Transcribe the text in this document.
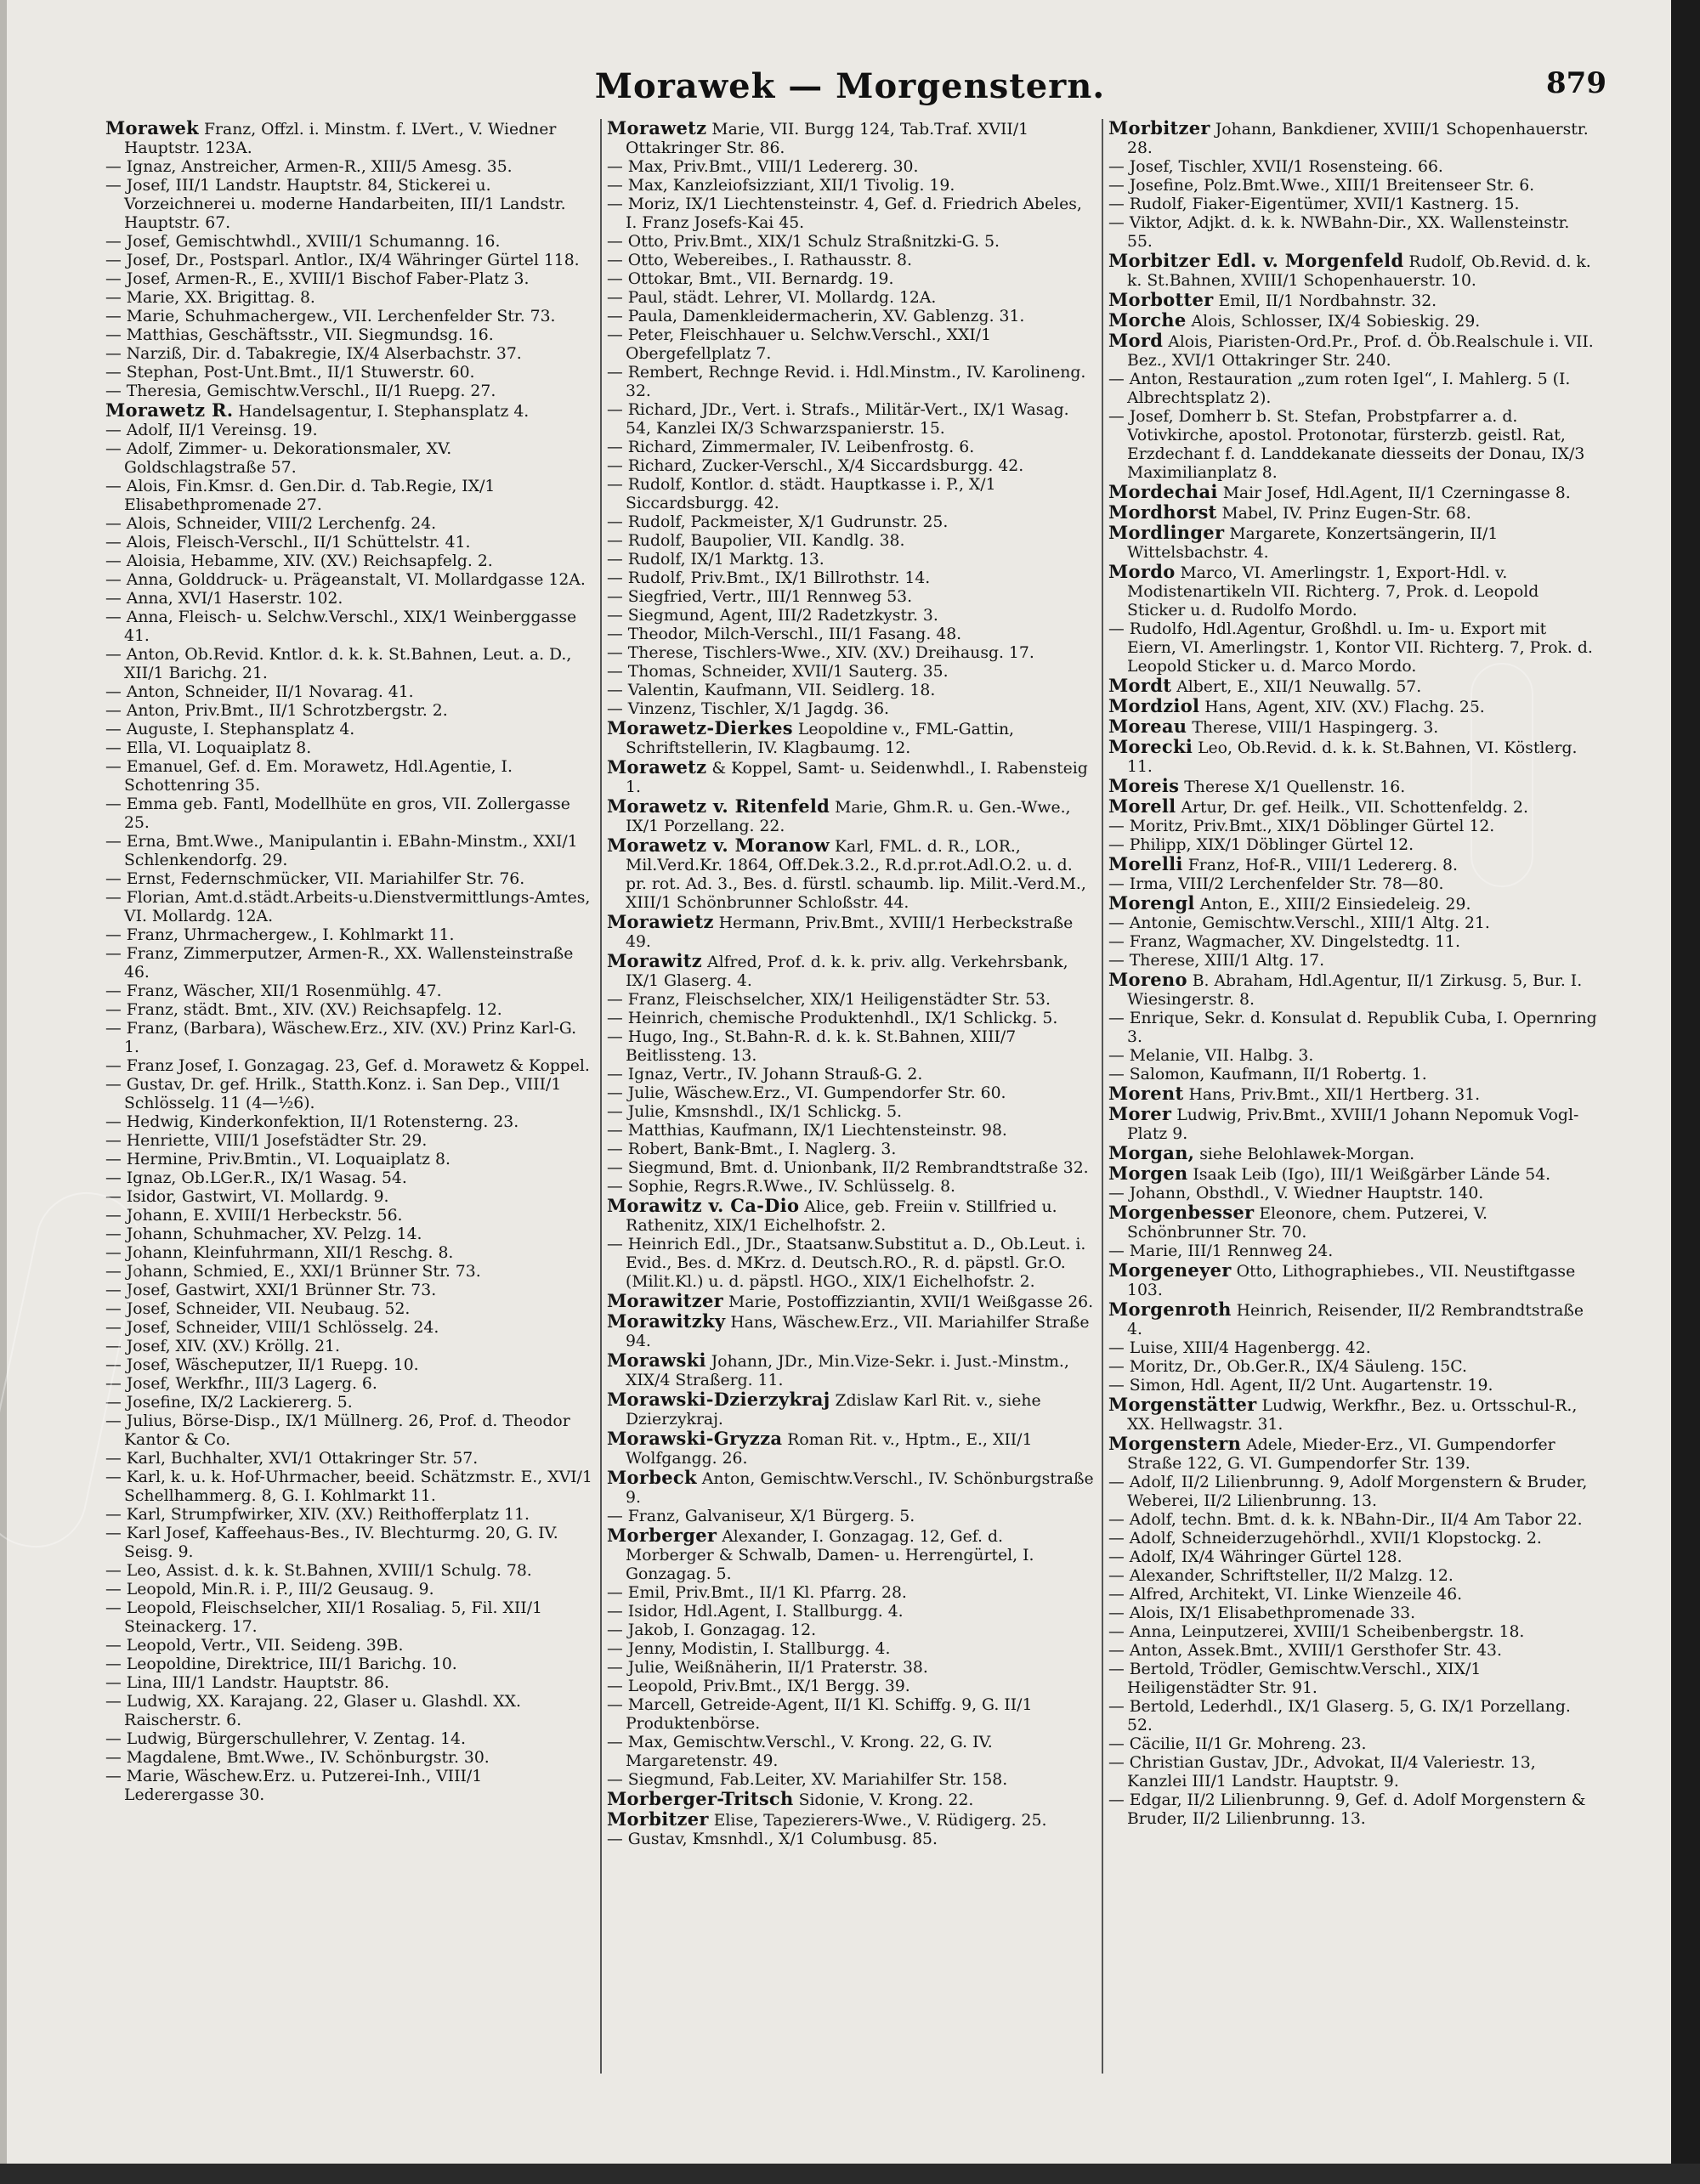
Morawek — Morgenstern.	879

Morawek Franz, Offzl. i. Minstm. f. LVert., V. Wiedner Hauptstr. 123A.

— Ignaz, Anstreicher, Armen-R., XIII/5 Amesg. 35.

— Josef, III/1 Landstr. Hauptstr. 84, Stickerei u. Vorzeichnerei u. moderne Handarbeiten, III/1 Landstr. Hauptstr. 67.

— Josef, Gemischtwhdl., XVIII/1 Schumanng. 16.

— Josef, Dr., Postsparl. Antlor., IX/4 Währinger Gürtel 118.

— Josef, Armen-R., E., XVIII/1 Bischof Faber-Platz 3.

— Marie, XX. Brigittag. 8.

— Marie, Schuhmachergew., VII. Lerchenfelder Str. 73.

— Matthias, Geschäftsstr., VII. Siegmundsg. 16.

— Narziß, Dir. d. Tabakregie, IX/4 Alserbachstr. 37.

— Stephan, Post-Unt.Bmt., II/1 Stuwerstr. 60.

— Theresia, Gemischtw.Verschl., II/1 Ruepg. 27.

Morawetz R. Handelsagentur, I. Stephansplatz 4.

— Adolf, II/1 Vereinsg. 19.

— Adolf, Zimmer- u. Dekorationsmaler, XV. Goldschlagstraße 57.

— Alois, Fin.Kmsr. d. Gen.Dir. d. Tab.Regie, IX/1 Elisabethpromenade 27.

— Alois, Schneider, VIII/2 Lerchenfg. 24.

— Alois, Fleisch-Verschl., II/1 Schüttelstr. 41.

— Aloisia, Hebamme, XIV. (XV.) Reichsapfelg. 2.

— Anna, Golddruck- u. Prägeanstalt, VI. Mollardgasse 12A.

— Anna, XVI/1 Haserstr. 102.

— Anna, Fleisch- u. Selchw.Verschl., XIX/1 Weinberggasse 41.

— Anton, Ob.Revid. Kntlor. d. k. k. St.Bahnen, Leut. a. D., XII/1 Barichg. 21.

— Anton, Schneider, II/1 Novarag. 41.

— Anton, Priv.Bmt., II/1 Schrotzbergstr. 2.

— Auguste, I. Stephansplatz 4.

— Ella, VI. Loquaiplatz 8.

— Emanuel, Gef. d. Em. Morawetz, Hdl.Agentie, I. Schottenring 35.

— Emma geb. Fantl, Modellhüte en gros, VII. Zollergasse 25.

— Erna, Bmt.Wwe., Manipulantin i. EBahn-Minstm., XXI/1 Schlenkendorfg. 29.

— Ernst, Federnschmücker, VII. Mariahilfer Str. 76.

— Florian, Amt.d.städt.Arbeits-u.Dienstvermittlungs-Amtes, VI. Mollardg. 12A.

— Franz, Uhrmachergew., I. Kohlmarkt 11.

— Franz, Zimmerputzer, Armen-R., XX. Wallensteinstraße 46.

— Franz, Wäscher, XII/1 Rosenmühlg. 47.

— Franz, städt. Bmt., XIV. (XV.) Reichsapfelg. 12.

— Franz, (Barbara), Wäschew.Erz., XIV. (XV.) Prinz Karl-G. 1.

— Franz Josef, I. Gonzagag. 23, Gef. d. Morawetz & Koppel.

— Gustav, Dr. gef. Hrilk., Statth.Konz. i. San Dep., VIII/1 Schlösselg. 11 (4—½6).

— Hedwig, Kinderkonfektion, II/1 Rotensterng. 23.

— Henriette, VIII/1 Josefstädter Str. 29.

— Hermine, Priv.Bmtin., VI. Loquaiplatz 8.

— Ignaz, Ob.LGer.R., IX/1 Wasag. 54.

— Isidor, Gastwirt, VI. Mollardg. 9.

— Johann, E. XVIII/1 Herbeckstr. 56.

— Johann, Schuhmacher, XV. Pelzg. 14.

— Johann, Kleinfuhrmann, XII/1 Reschg. 8.

— Johann, Schmied, E., XXI/1 Brünner Str. 73.

— Josef, Gastwirt, XXI/1 Brünner Str. 73.

— Josef, Schneider, VII. Neubaug. 52.

— Josef, Schneider, VIII/1 Schlösselg. 24.

— Josef, XIV. (XV.) Kröllg. 21.

— Josef, Wäscheputzer, II/1 Ruepg. 10.

— Josef, Werkfhr., III/3 Lagerg. 6.

— Josefine, IX/2 Lackiererg. 5.

— Julius, Börse-Disp., IX/1 Müllnerg. 26, Prof. d. Theodor Kantor & Co.

— Karl, Buchhalter, XVI/1 Ottakringer Str. 57.

— Karl, k. u. k. Hof-Uhrmacher, beeid. Schätzmstr. E., XVI/1 Schellhammerg. 8, G. I. Kohlmarkt 11.

— Karl, Strumpfwirker, XIV. (XV.) Reithofferplatz 11.

— Karl Josef, Kaffeehaus-Bes., IV. Blechturmg. 20, G. IV. Seisg. 9.

— Leo, Assist. d. k. k. St.Bahnen, XVIII/1 Schulg. 78.

— Leopold, Min.R. i. P., III/2 Geusaug. 9.

— Leopold, Fleischselcher, XII/1 Rosaliag. 5, Fil. XII/1 Steinackerg. 17.

— Leopold, Vertr., VII. Seideng. 39B.

— Leopoldine, Direktrice, III/1 Barichg. 10.

— Lina, III/1 Landstr. Hauptstr. 86.

— Ludwig, XX. Karajang. 22, Glaser u. Glashdl. XX. Raischerstr. 6.

— Ludwig, Bürgerschullehrer, V. Zentag. 14.

— Magdalene, Bmt.Wwe., IV. Schönburgstr. 30.

— Marie, Wäschew.Erz. u. Putzerei-Inh., VIII/1 Lederergasse 30.

Morawetz Marie, VII. Burgg 124, Tab.Traf. XVII/1 Ottakringer Str. 86.

— Max, Priv.Bmt., VIII/1 Ledererg. 30.

— Max, Kanzleiofsizziant, XII/1 Tivolig. 19.

— Moriz, IX/1 Liechtensteinstr. 4, Gef. d. Friedrich Abeles, I. Franz Josefs-Kai 45.

— Otto, Priv.Bmt., XIX/1 Schulz Straßnitzki-G. 5.

— Otto, Webereibes., I. Rathausstr. 8.

— Ottokar, Bmt., VII. Bernardg. 19.

— Paul, städt. Lehrer, VI. Mollardg. 12A.

— Paula, Damenkleidermacherin, XV. Gablenzg. 31.

— Peter, Fleischhauer u. Selchw.Verschl., XXI/1 Obergefellplatz 7.

— Rembert, Rechnge Revid. i. Hdl.Minstm., IV. Karolineng. 32.

— Richard, JDr., Vert. i. Strafs., Militär-Vert., IX/1 Wasag. 54, Kanzlei IX/3 Schwarzspanierstr. 15.

— Richard, Zimmermaler, IV. Leibenfrostg. 6.

— Richard, Zucker-Verschl., X/4 Siccardsburgg. 42.

— Rudolf, Kontlor. d. städt. Hauptkasse i. P., X/1 Siccardsburgg. 42.

— Rudolf, Packmeister, X/1 Gudrunstr. 25.

— Rudolf, Baupolier, VII. Kandlg. 38.

— Rudolf, IX/1 Marktg. 13.

— Rudolf, Priv.Bmt., IX/1 Billrothstr. 14.

— Siegfried, Vertr., III/1 Rennweg 53.

— Siegmund, Agent, III/2 Radetzkystr. 3.

— Theodor, Milch-Verschl., III/1 Fasang. 48.

— Therese, Tischlers-Wwe., XIV. (XV.) Dreihausg. 17.

— Thomas, Schneider, XVII/1 Sauterg. 35.

— Valentin, Kaufmann, VII. Seidlerg. 18.

— Vinzenz, Tischler, X/1 Jagdg. 36.

Morawetz-Dierkes Leopoldine v., FML-Gattin, Schriftstellerin, IV. Klagbaumg. 12.

Morawetz & Koppel, Samt- u. Seidenwhdl., I. Rabensteig 1.

Morawetz v. Ritenfeld Marie, Ghm.R. u. Gen.-Wwe., IX/1 Porzellang. 22.

Morawetz v. Moranow Karl, FML. d. R., LOR., Mil.Verd.Kr. 1864, Off.Dek.3.2., R.d.pr.rot.Adl.O.2. u. d. pr. rot. Ad. 3., Bes. d. fürstl. schaumb. lip. Milit.-Verd.M., XIII/1 Schönbrunner Schloßstr. 44.

Morawietz Hermann, Priv.Bmt., XVIII/1 Herbeckstraße 49.

Morawitz Alfred, Prof. d. k. k. priv. allg. Verkehrsbank, IX/1 Glaserg. 4.

— Franz, Fleischselcher, XIX/1 Heiligenstädter Str. 53.

— Heinrich, chemische Produktenhdl., IX/1 Schlickg. 5.

— Hugo, Ing., St.Bahn-R. d. k. k. St.Bahnen, XIII/7 Beitlissteng. 13.

— Ignaz, Vertr., IV. Johann Strauß-G. 2.

— Julie, Wäschew.Erz., VI. Gumpendorfer Str. 60.

— Julie, Kmsnshdl., IX/1 Schlickg. 5.

— Matthias, Kaufmann, IX/1 Liechtensteinstr. 98.

— Robert, Bank-Bmt., I. Naglerg. 3.

— Siegmund, Bmt. d. Unionbank, II/2 Rembrandtstraße 32.

— Sophie, Regrs.R.Wwe., IV. Schlüsselg. 8.

Morawitz v. Ca-Dio Alice, geb. Freiin v. Stillfried u. Rathenitz, XIX/1 Eichelhofstr. 2.

— Heinrich Edl., JDr., Staatsanw.Substitut a. D., Ob.Leut. i. Evid., Bes. d. MKrz. d. Deutsch.RO., R. d. päpstl. Gr.O. (Milit.Kl.) u. d. päpstl. HGO., XIX/1 Eichelhofstr. 2.

Morawitzer Marie, Postoffizziantin, XVII/1 Weißgasse 26.

Morawitzky Hans, Wäschew.Erz., VII. Mariahilfer Straße 94.

Morawski Johann, JDr., Min.Vize-Sekr. i. Just.-Minstm., XIX/4 Straßerg. 11.

Morawski-Dzierzykraj Zdislaw Karl Rit. v., siehe Dzierzykraj.

Morawski-Gryzza Roman Rit. v., Hptm., E., XII/1 Wolfgangg. 26.

Morbeck Anton, Gemischtw.Verschl., IV. Schönburgstraße 9.

— Franz, Galvaniseur, X/1 Bürgerg. 5.

Morberger Alexander, I. Gonzagag. 12, Gef. d. Morberger & Schwalb, Damen- u. Herrengürtel, I. Gonzagag. 5.

— Emil, Priv.Bmt., II/1 Kl. Pfarrg. 28.

— Isidor, Hdl.Agent, I. Stallburgg. 4.

— Jakob, I. Gonzagag. 12.

— Jenny, Modistin, I. Stallburgg. 4.

— Julie, Weißnäherin, II/1 Praterstr. 38.

— Leopold, Priv.Bmt., IX/1 Bergg. 39.

— Marcell, Getreide-Agent, II/1 Kl. Schiffg. 9, G. II/1 Produktenbörse.

— Max, Gemischtw.Verschl., V. Krong. 22, G. IV. Margaretenstr. 49.

— Siegmund, Fab.Leiter, XV. Mariahilfer Str. 158.

Morberger-Tritsch Sidonie, V. Krong. 22.

Morbitzer Elise, Tapezierers-Wwe., V. Rüdigerg. 25.

— Gustav, Kmsnhdl., X/1 Columbusg. 85.

Morbitzer Johann, Bankdiener, XVIII/1 Schopenhauerstr. 28.

— Josef, Tischler, XVII/1 Rosensteing. 66.

— Josefine, Polz.Bmt.Wwe., XIII/1 Breitenseer Str. 6.

— Rudolf, Fiaker-Eigentümer, XVII/1 Kastnerg. 15.

— Viktor, Adjkt. d. k. k. NWBahn-Dir., XX. Wallensteinstr. 55.

Morbitzer Edl. v. Morgenfeld Rudolf, Ob.Revid. d. k. k. St.Bahnen, XVIII/1 Schopenhauerstr. 10.

Morbotter Emil, II/1 Nordbahnstr. 32.

Morche Alois, Schlosser, IX/4 Sobieskig. 29.

Mord Alois, Piaristen-Ord.Pr., Prof. d. Öb.Realschule i. VII. Bez., XVI/1 Ottakringer Str. 240.

— Anton, Restauration „zum roten Igel“, I. Mahlerg. 5 (I. Albrechtsplatz 2).

— Josef, Domherr b. St. Stefan, Probstpfarrer a. d. Votivkirche, apostol. Protonotar, fürsterzb. geistl. Rat, Erzdechant f. d. Landdekanate diesseits der Donau, IX/3 Maximilianplatz 8.

Mordechai Mair Josef, Hdl.Agent, II/1 Czerningasse 8.

Mordhorst Mabel, IV. Prinz Eugen-Str. 68.

Mordlinger Margarete, Konzertsängerin, II/1 Wittelsbachstr. 4.

Mordo Marco, VI. Amerlingstr. 1, Export-Hdl. v. Modistenartikeln VII. Richterg. 7, Prok. d. Leopold Sticker u. d. Rudolfo Mordo.

— Rudolfo, Hdl.Agentur, Großhdl. u. Im- u. Export mit Eiern, VI. Amerlingstr. 1, Kontor VII. Richterg. 7, Prok. d. Leopold Sticker u. d. Marco Mordo.

Mordt Albert, E., XII/1 Neuwallg. 57.

Mordziol Hans, Agent, XIV. (XV.) Flachg. 25.

Moreau Therese, VIII/1 Haspingerg. 3.

Morecki Leo, Ob.Revid. d. k. k. St.Bahnen, VI. Köstlerg. 11.

Moreis Therese X/1 Quellenstr. 16.

Morell Artur, Dr. gef. Heilk., VII. Schottenfeldg. 2.

— Moritz, Priv.Bmt., XIX/1 Döblinger Gürtel 12.

— Philipp, XIX/1 Döblinger Gürtel 12.

Morelli Franz, Hof-R., VIII/1 Ledererg. 8.

— Irma, VIII/2 Lerchenfelder Str. 78—80.

Morengl Anton, E., XIII/2 Einsiedeleig. 29.

— Antonie, Gemischtw.Verschl., XIII/1 Altg. 21.

— Franz, Wagmacher, XV. Dingelstedtg. 11.

— Therese, XIII/1 Altg. 17.

Moreno B. Abraham, Hdl.Agentur, II/1 Zirkusg. 5, Bur. I. Wiesingerstr. 8.

— Enrique, Sekr. d. Konsulat d. Republik Cuba, I. Opernring 3.

— Melanie, VII. Halbg. 3.

— Salomon, Kaufmann, II/1 Robertg. 1.

Morent Hans, Priv.Bmt., XII/1 Hertberg. 31.

Morer Ludwig, Priv.Bmt., XVIII/1 Johann Nepomuk Vogl-Platz 9.

Morgan, siehe Belohlawek-Morgan.

Morgen Isaak Leib (Igo), III/1 Weißgärber Lände 54.

— Johann, Obsthdl., V. Wiedner Hauptstr. 140.

Morgenbesser Eleonore, chem. Putzerei, V. Schönbrunner Str. 70.

— Marie, III/1 Rennweg 24.

Morgeneyer Otto, Lithographiebes., VII. Neustiftgasse 103.

Morgenroth Heinrich, Reisender, II/2 Rembrandtstraße 4.

— Luise, XIII/4 Hagenbergg. 42.

— Moritz, Dr., Ob.Ger.R., IX/4 Säuleng. 15C.

— Simon, Hdl. Agent, II/2 Unt. Augartenstr. 19.

Morgenstätter Ludwig, Werkfhr., Bez. u. Ortsschul-R., XX. Hellwagstr. 31.

Morgenstern Adele, Mieder-Erz., VI. Gumpendorfer Straße 122, G. VI. Gumpendorfer Str. 139.

— Adolf, II/2 Lilienbrunng. 9, Adolf Morgenstern & Bruder, Weberei, II/2 Lilienbrunng. 13.

— Adolf, techn. Bmt. d. k. k. NBahn-Dir., II/4 Am Tabor 22.

— Adolf, Schneiderzugehörhdl., XVII/1 Klopstockg. 2.

— Adolf, IX/4 Währinger Gürtel 128.

— Alexander, Schriftsteller, II/2 Malzg. 12.

— Alfred, Architekt, VI. Linke Wienzeile 46.

— Alois, IX/1 Elisabethpromenade 33.

— Anna, Leinputzerei, XVIII/1 Scheibenbergstr. 18.

— Anton, Assek.Bmt., XVIII/1 Gersthofer Str. 43.

— Bertold, Trödler, Gemischtw.Verschl., XIX/1 Heiligenstädter Str. 91.

— Bertold, Lederhdl., IX/1 Glaserg. 5, G. IX/1 Porzellang. 52.

— Cäcilie, II/1 Gr. Mohreng. 23.

— Christian Gustav, JDr., Advokat, II/4 Valeriestr. 13, Kanzlei III/1 Landstr. Hauptstr. 9.

— Edgar, II/2 Lilienbrunng. 9, Gef. d. Adolf Morgenstern & Bruder, II/2 Lilienbrunng. 13.
